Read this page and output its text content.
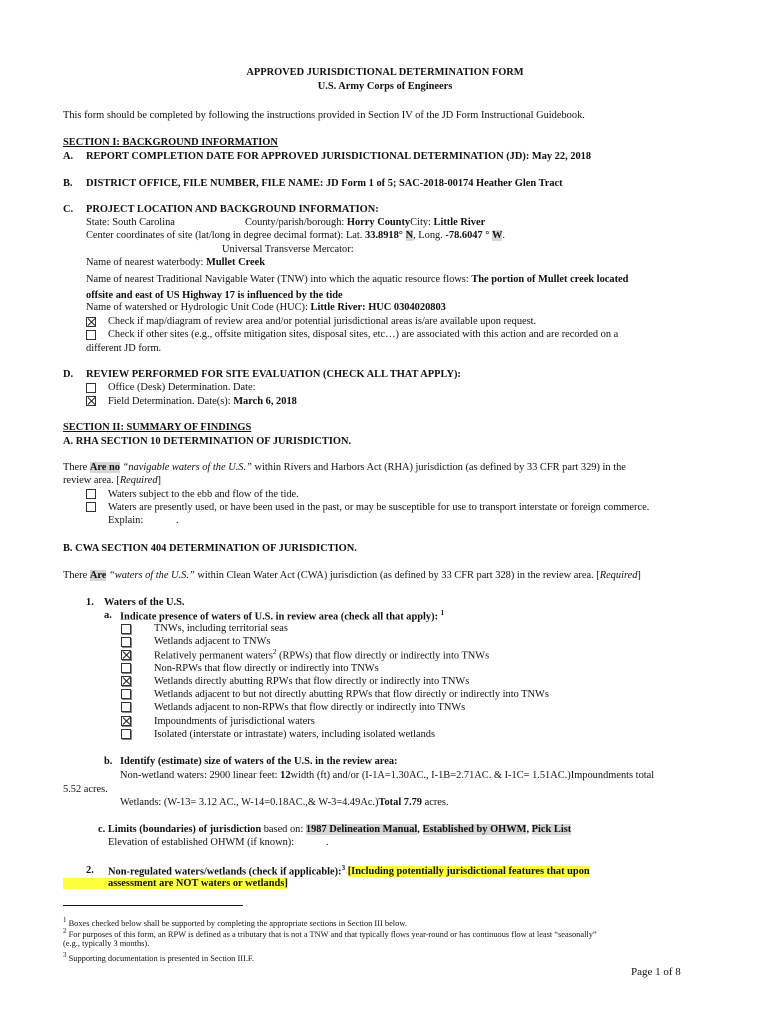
APPROVED JURISDICTIONAL DETERMINATION FORM
U.S. Army Corps of Engineers
This form should be completed by following the instructions provided in Section IV of the JD Form Instructional Guidebook.
SECTION I: BACKGROUND INFORMATION
A. REPORT COMPLETION DATE FOR APPROVED JURISDICTIONAL DETERMINATION (JD): May 22, 2018
B. DISTRICT OFFICE, FILE NUMBER, FILE NAME: JD Form 1 of 5; SAC-2018-00174 Heather Glen Tract
C. PROJECT LOCATION AND BACKGROUND INFORMATION:
State: South Carolina	County/parish/borough: Horry CountyCity: Little River
Center coordinates of site (lat/long in degree decimal format): Lat. 33.8918° N, Long. -78.6047 ° W.
Universal Transverse Mercator:
Name of nearest waterbody: Mullet Creek
Name of nearest Traditional Navigable Water (TNW) into which the aquatic resource flows: The portion of Mullet creek located
offsite and east of US Highway 17 is influenced by the tide
Name of watershed or Hydrologic Unit Code (HUC): Little River: HUC 0304020803
Check if map/diagram of review area and/or potential jurisdictional areas is/are available upon request.
Check if other sites (e.g., offsite mitigation sites, disposal sites, etc…) are associated with this action and are recorded on a
different JD form.
D. REVIEW PERFORMED FOR SITE EVALUATION (CHECK ALL THAT APPLY):
Office (Desk) Determination. Date:
Field Determination. Date(s): March 6, 2018
SECTION II: SUMMARY OF FINDINGS
A. RHA SECTION 10 DETERMINATION OF JURISDICTION.
There Are no “navigable waters of the U.S.” within Rivers and Harbors Act (RHA) jurisdiction (as defined by 33 CFR part 329) in the
review area. [Required]
Waters subject to the ebb and flow of the tide.
Waters are presently used, or have been used in the past, or may be susceptible for use to transport interstate or foreign commerce.
Explain:	.
B. CWA SECTION 404 DETERMINATION OF JURISDICTION.
There Are “waters of the U.S.” within Clean Water Act (CWA) jurisdiction (as defined by 33 CFR part 328) in the review area. [Required]
1. Waters of the U.S.
a. Indicate presence of waters of U.S. in review area (check all that apply): $^1$
TNWs, including territorial seas
Wetlands adjacent to TNWs
Relatively permanent waters$^2$ (RPWs) that flow directly or indirectly into TNWs
Non-RPWs that flow directly or indirectly into TNWs
Wetlands directly abutting RPWs that flow directly or indirectly into TNWs
Wetlands adjacent to but not directly abutting RPWs that flow directly or indirectly into TNWs
Wetlands adjacent to non-RPWs that flow directly or indirectly into TNWs
Impoundments of jurisdictional waters
Isolated (interstate or intrastate) waters, including isolated wetlands
b. Identify (estimate) size of waters of the U.S. in the review area:
Non-wetland waters: 2900 linear feet: 12width (ft) and/or (I-1A=1.30AC., I-1B=2.71AC. & I-1C= 1.51AC.)Impoundments total
5.52 acres.
Wetlands: (W-13= 3.12 AC., W-14=0.18AC.,& W-3=4.49Ac.)Total 7.79 acres.
c. Limits (boundaries) of jurisdiction based on: 1987 Delineation Manual, Established by OHWM, Pick List
Elevation of established OHWM (if known):	.
2. Non-regulated waters/wetlands (check if applicable):$^3$ [Including potentially jurisdictional features that upon
assessment are NOT waters or wetlands]
$^1$ Boxes checked below shall be supported by completing the appropriate sections in Section III below.
$^2$ For purposes of this form, an RPW is defined as a tributary that is not a TNW and that typically flows year-round or has continuous flow at least “seasonally”
(e.g., typically 3 months).
$^3$ Supporting documentation is presented in Section III.F.
Page 1 of 8
